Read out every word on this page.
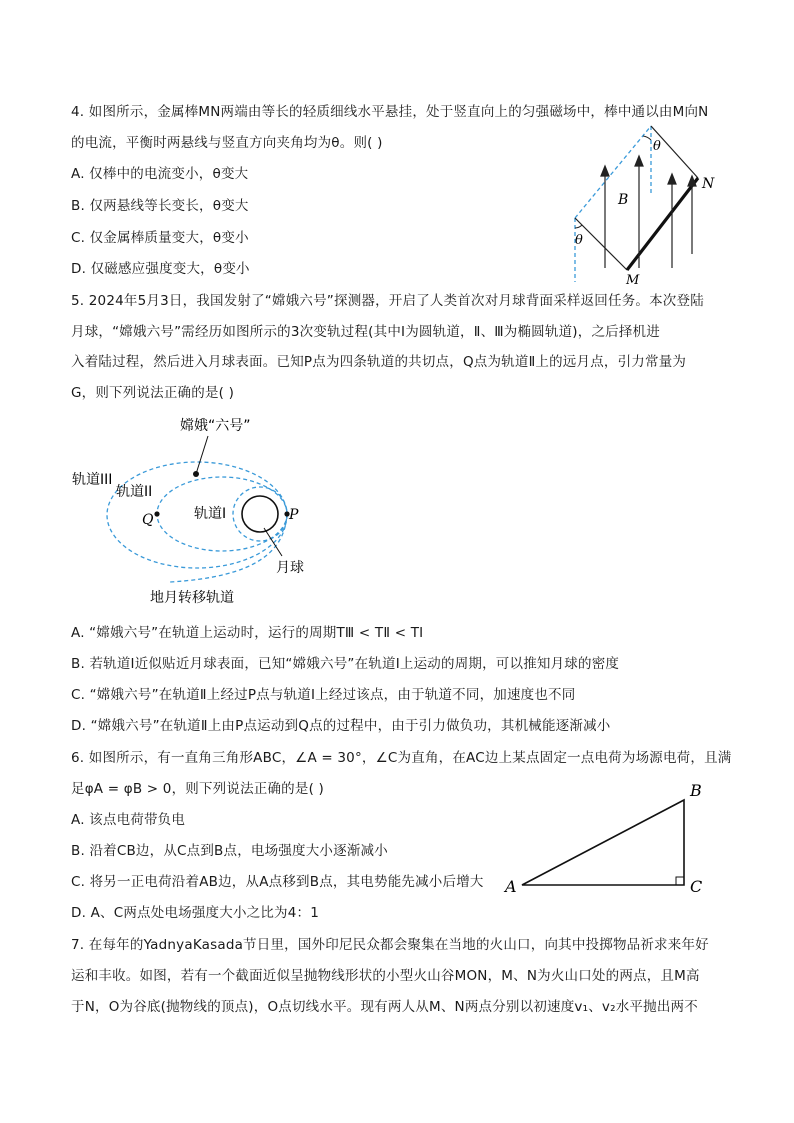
4. 如图所示，金属棒MN两端由等长的轻质细线水平悬挂，处于竖直向上的匀强磁场中，棒中通以由M向N
的电流，平衡时两悬线与竖直方向夹角均为θ。则( )
A. 仅棒中的电流变小，θ变大
B. 仅两悬线等长变长，θ变大
C. 仅金属棒质量变大，θ变小
D. 仅磁感应强度变大，θ变小
θ
θ
B
N
M
5. 2024年5月3日，我国发射了“嫦娥六号”探测器，开启了人类首次对月球背面采样返回任务。本次登陆
月球，“嫦娥六号”需经历如图所示的3次变轨过程(其中Ⅰ为圆轨道，Ⅱ、Ⅲ为椭圆轨道)，之后择机进
入着陆过程，然后进入月球表面。已知P点为四条轨道的共切点，Q点为轨道Ⅱ上的远月点，引力常量为
G，则下列说法正确的是( )
嫦娥“六号”
轨道III
轨道II
轨道I
Q	P
月球
地月转移轨道
A. “嫦娥六号”在轨道上运动时，运行的周期TⅢ < TⅡ < TⅠ
B. 若轨道Ⅰ近似贴近月球表面，已知“嫦娥六号”在轨道Ⅰ上运动的周期，可以推知月球的密度
C. “嫦娥六号”在轨道Ⅱ上经过P点与轨道Ⅰ上经过该点，由于轨道不同，加速度也不同
D. “嫦娥六号”在轨道Ⅱ上由P点运动到Q点的过程中，由于引力做负功，其机械能逐渐减小
6. 如图所示，有一直角三角形ABC，∠A = 30°，∠C为直角，在AC边上某点固定一点电荷为场源电荷，且满
足φA = φB > 0，则下列说法正确的是( )
A. 该点电荷带负电
B. 沿着CB边，从C点到B点，电场强度大小逐渐减小
C. 将另一正电荷沿着AB边，从A点移到B点，其电势能先减小后增大
D. A、C两点处电场强度大小之比为4：1
A
B
C
7. 在每年的YadnyaKasada节日里，国外印尼民众都会聚集在当地的火山口，向其中投掷物品祈求来年好
运和丰收。如图，若有一个截面近似呈抛物线形状的小型火山谷MON，M、N为火山口处的两点，且M高
于N，O为谷底(抛物线的顶点)，O点切线水平。现有两人从M、N两点分别以初速度v₁、v₂水平抛出两不
